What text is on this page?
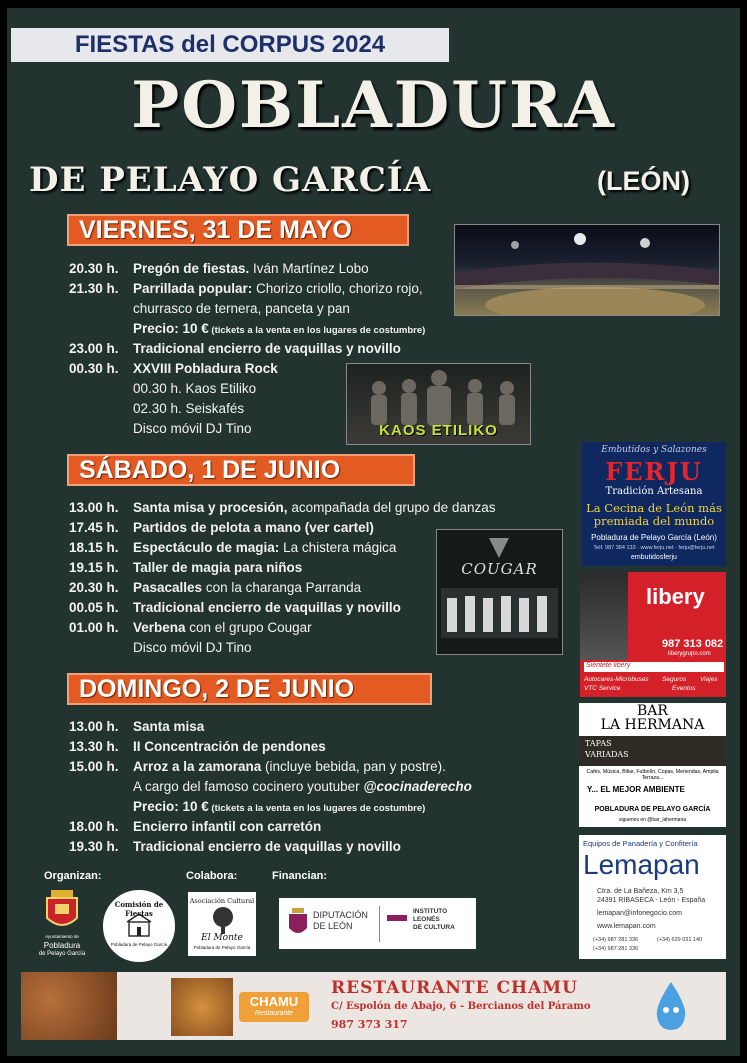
FIESTAS del CORPUS 2024
POBLADURA
DE PELAYO GARCÍA	(LEÓN)
VIERNES, 31 DE MAYO
SÁBADO, 1 DE JUNIO
DOMINGO, 2 DE JUNIO
20.30 h. Pregón de fiestas. Iván Martínez Lobo
21.30 h. Parrillada popular: Chorizo criollo, chorizo rojo,
churrasco de ternera, panceta y pan
Precio: 10 € (tickets a la venta en los lugares de costumbre)
23.00 h. Tradicional encierro de vaquillas y novillo
00.30 h. XXVIII Pobladura Rock
00.30 h. Kaos Etiliko
02.30 h. Seiskafés
Disco móvil DJ Tino
13.00 h. Santa misa y procesión, acompañada del grupo de danzas
17.45 h. Partidos de pelota a mano (ver cartel)
18.15 h. Espectáculo de magia: La chistera mágica
19.15 h. Taller de magia para niños
20.30 h. Pasacalles con la charanga Parranda
00.05 h. Tradicional encierro de vaquillas y novillo
01.00 h. Verbena con el grupo Cougar
Disco móvil DJ Tino
13.00 h. Santa misa
13.30 h. II Concentración de pendones
15.00 h. Arroz a la zamorana (incluye bebida, pan y postre).
A cargo del famoso cocinero youtuber @cocinaderecho
Precio: 10 € (tickets a la venta en los lugares de costumbre)
18.00 h. Encierro infantil con carretón
19.30 h. Tradicional encierro de vaquillas y novillo
KAOS ETILIKO
COUGAR
Embutidos y Salazones
FERJU
Tradición Artesana
La Cecina de León más
premiada del mundo
Pobladura de Pelayo García (León)
Telf. 987 384 133 · www.ferju.net · ferju@ferju.net
embutidosferju
libery
987 313 082
liberygrupo.com
Siéntete libery
Autocares-Microbuses Seguros Viajes
VTC Service	Eventos
BAR
LA HERMANA
TAPAS
VARIADAS
Cafés, Música, Billar, Futbolín, Copas, Meriendas, Amplia Terraza...
Y... EL MEJOR AMBIENTE
POBLADURA DE PELAYO GARCÍA
siguenos en @bar_lahermana
Equipos de Panadería y Confitería
Lemapan
Ctra. de La Bañeza, Km 3,5
24391 RIBASECA - León - España
lemapan@infonegocio.com
www.lemapan.com
(+34) 987 281 336	(+34) 629 031 140
(+34) 987 281 336
Organizan:	Colabora:	Financian:
Ayuntamiento de
Pobladura
de Pelayo García
Comisión de Fiestas
Pobladura de Pelayo García
Asociación Cultural
El Monte
Pobladura de Pelayo García
DIPUTACIÓN
DE LEÓN
INSTITUTO
LEONÉS
DE CULTURA
CHAMU
Restaurante
RESTAURANTE CHAMU
C/ Espolón de Abajo, 6 - Bercianos del Páramo
987 373 317
